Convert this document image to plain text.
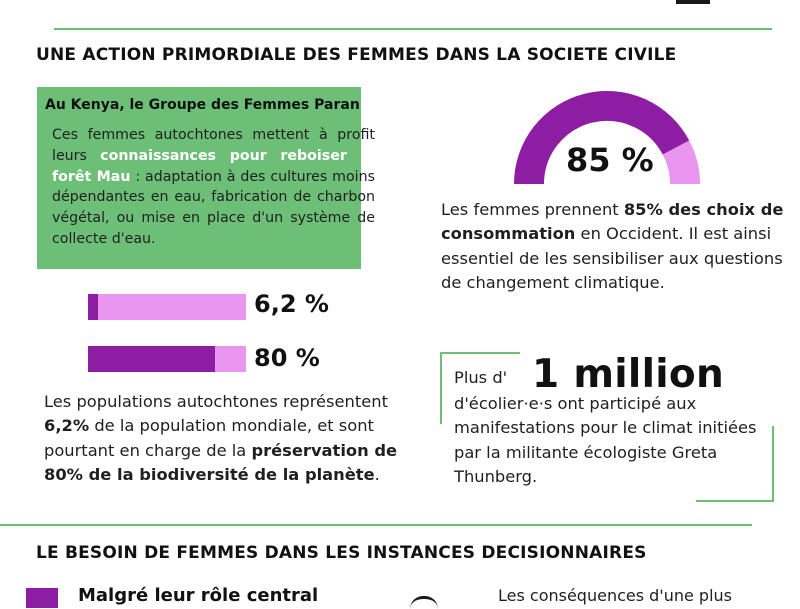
UNE ACTION PRIMORDIALE DES FEMMES DANS LA SOCIETE CIVILE
Au Kenya, le Groupe des Femmes Paran
Ces femmes autochtones mettent à profit leurs connaissances pour reboiser la forêt Mau : adaptation à des cultures moins dépendantes en eau, fabrication de charbon végétal, ou mise en place d'un système de collecte d'eau.
6,2 %
80 %
Les populations autochtones représentent 6,2% de la population mondiale, et sont pourtant en charge de la préservation de 80% de la biodiversité de la planète.
85 %
Les femmes prennent 85% des choix de consommation en Occident. Il est ainsi essentiel de les sensibiliser aux questions de changement climatique.
Plus d' 1 million
d'écolier·e·s ont participé aux manifestations pour le climat initiées par la militante écologiste Greta Thunberg.
LE BESOIN DE FEMMES DANS LES INSTANCES DECISIONNAIRES
Malgré leur rôle central	Les conséquences d'une plus
